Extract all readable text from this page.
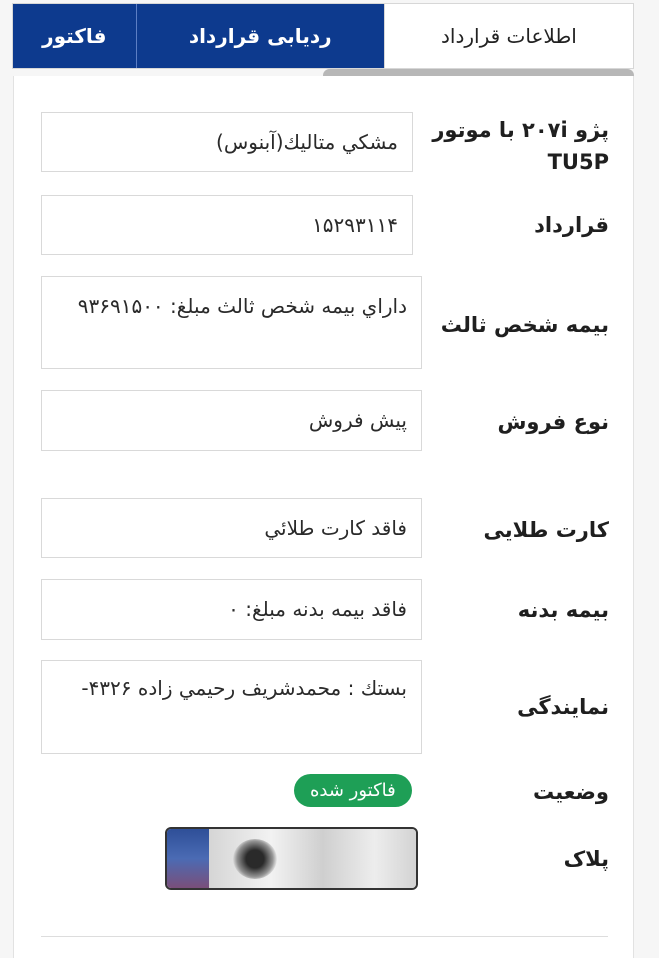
فاکتور	ردیابی قرارداد	اطلاعات قرارداد
پژو ۲۰۷i با موتور TU5P
مشکي متاليك(آبنوس)
قرارداد
۱۵۲۹۳۱۱۴
بیمه شخص ثالث
داراي بيمه شخص ثالث مبلغ: ۹۳۶۹۱۵۰۰
نوع فروش
پيش فروش
کارت طلایی
فاقد كارت طلائي
بیمه بدنه
فاقد بيمه بدنه مبلغ: ۰
نمایندگی
بستك : محمدشريف رحيمي زاده ۴۳۲۶-
وضعیت
فاکتور شده
پلاک
